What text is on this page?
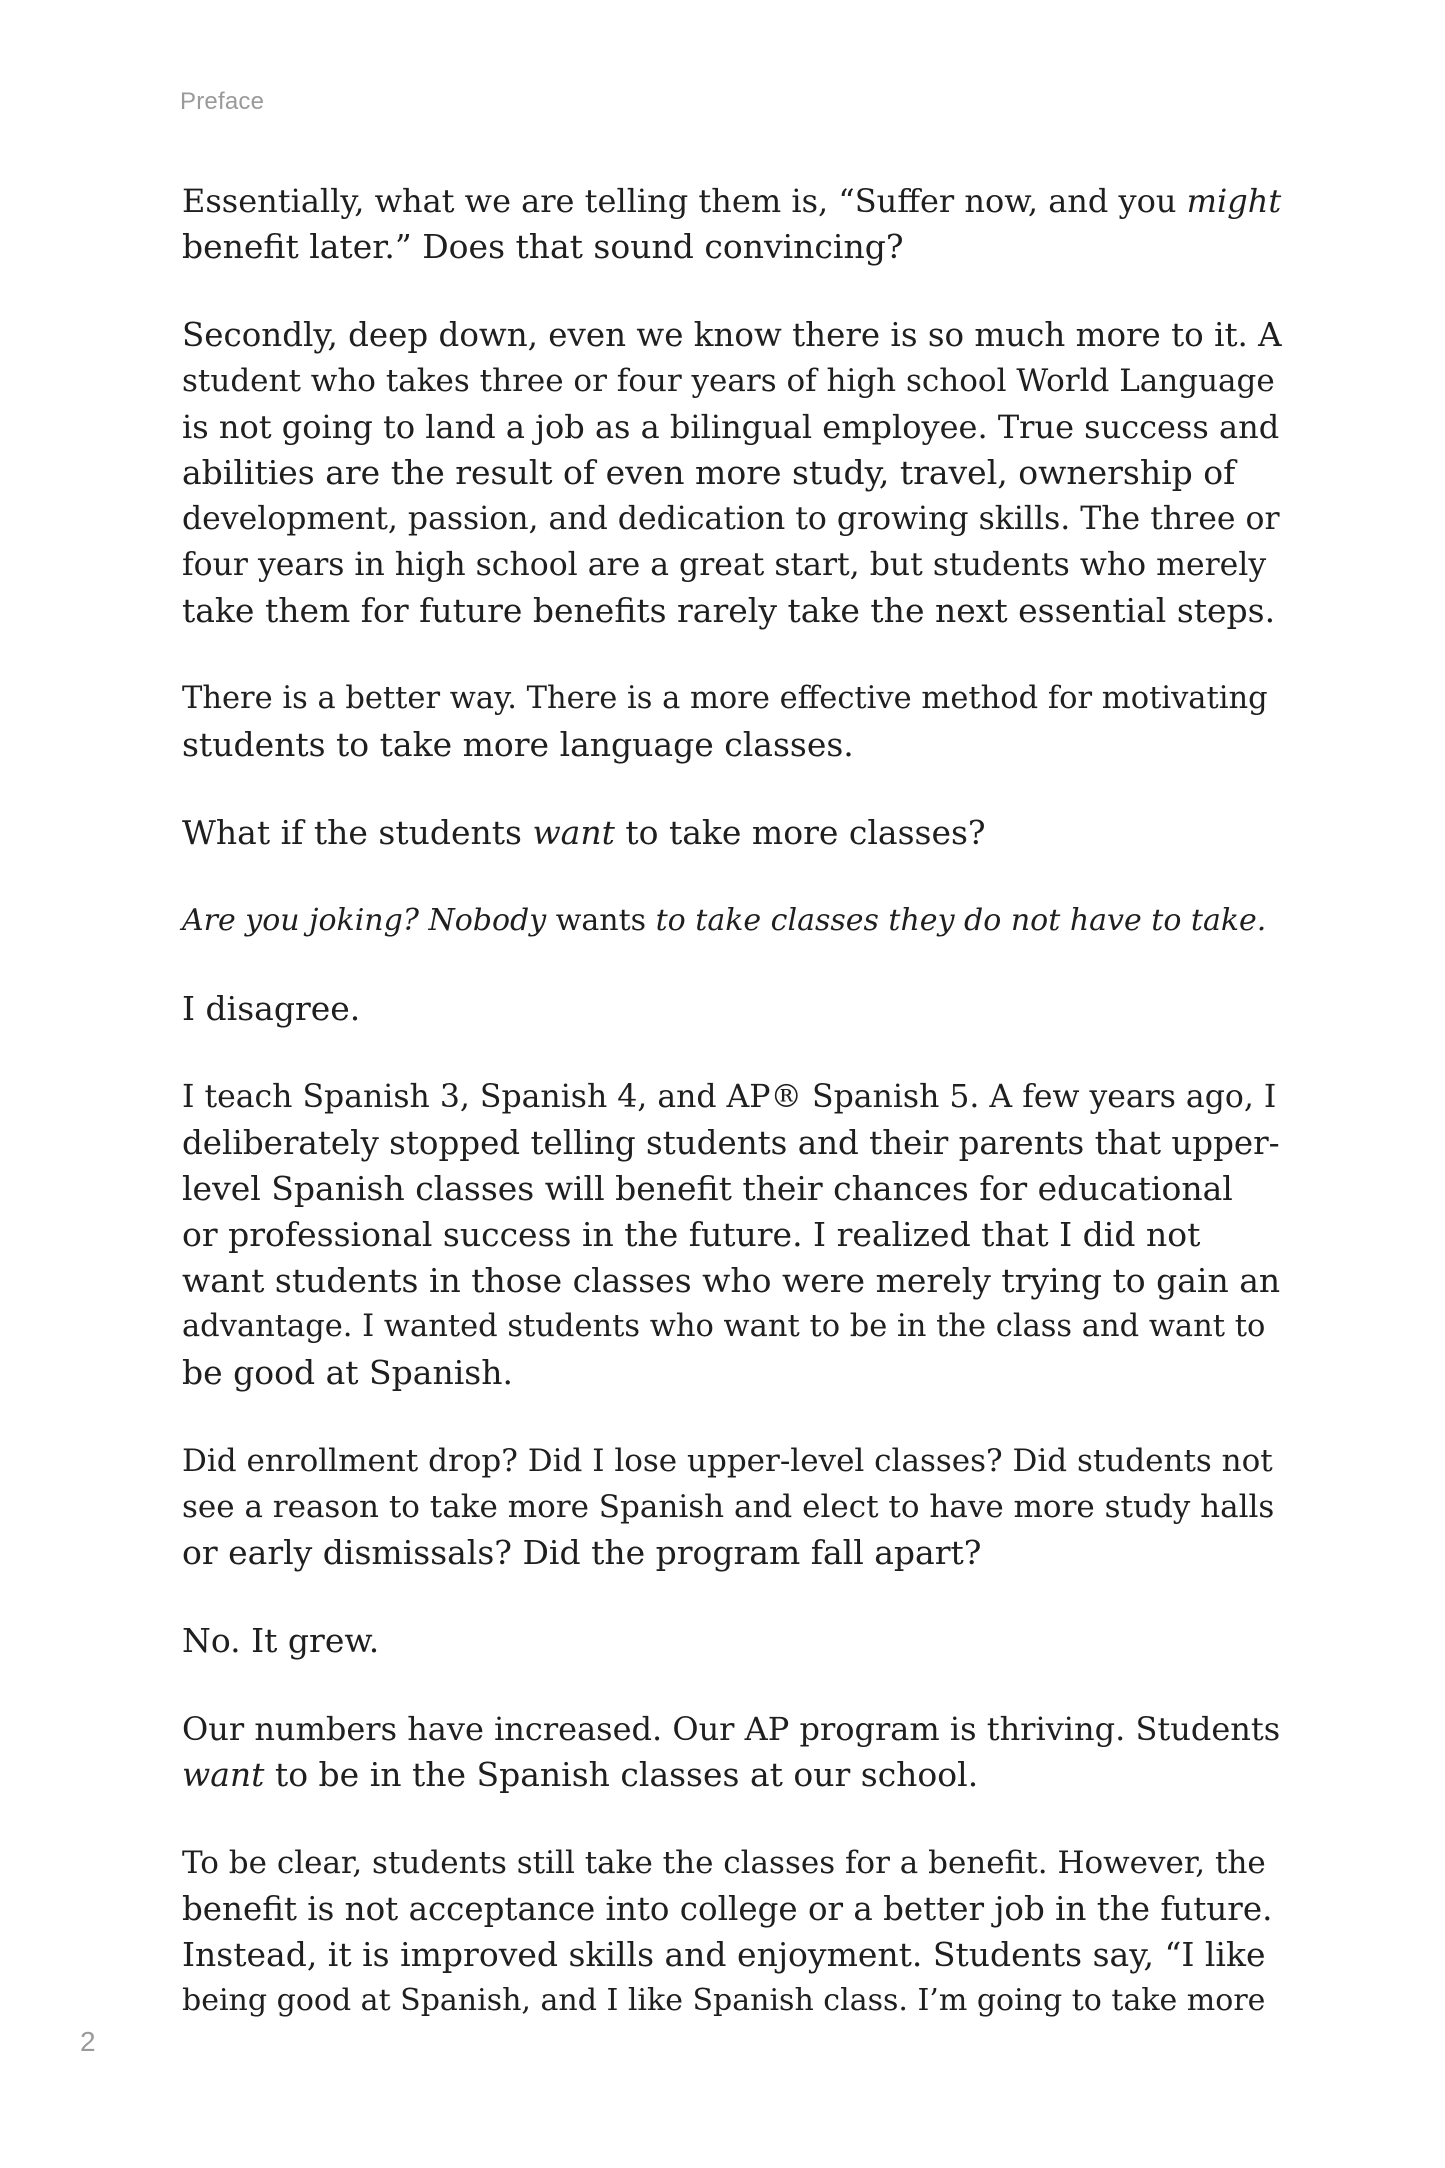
Preface

Essentially, what we are telling them is, “Suffer now, and you might
benefit later.” Does that sound convincing?

Secondly, deep down, even we know there is so much more to it. A
student who takes three or four years of high school World Language
is not going to land a job as a bilingual employee. True success and
abilities are the result of even more study, travel, ownership of
development, passion, and dedication to growing skills. The three or
four years in high school are a great start, but students who merely
take them for future benefits rarely take the next essential steps.

There is a better way. There is a more effective method for motivating
students to take more language classes.

What if the students want to take more classes?

Are you joking? Nobody wants to take classes they do not have to take.

I disagree.

I teach Spanish 3, Spanish 4, and AP® Spanish 5. A few years ago, I
deliberately stopped telling students and their parents that upper-
level Spanish classes will benefit their chances for educational
or professional success in the future. I realized that I did not
want students in those classes who were merely trying to gain an
advantage. I wanted students who want to be in the class and want to
be good at Spanish.

Did enrollment drop? Did I lose upper-level classes? Did students not
see a reason to take more Spanish and elect to have more study halls
or early dismissals? Did the program fall apart?

No. It grew.

Our numbers have increased. Our AP program is thriving. Students
want to be in the Spanish classes at our school.

To be clear, students still take the classes for a benefit. However, the
benefit is not acceptance into college or a better job in the future.
Instead, it is improved skills and enjoyment. Students say, “I like
being good at Spanish, and I like Spanish class. I’m going to take more

2
